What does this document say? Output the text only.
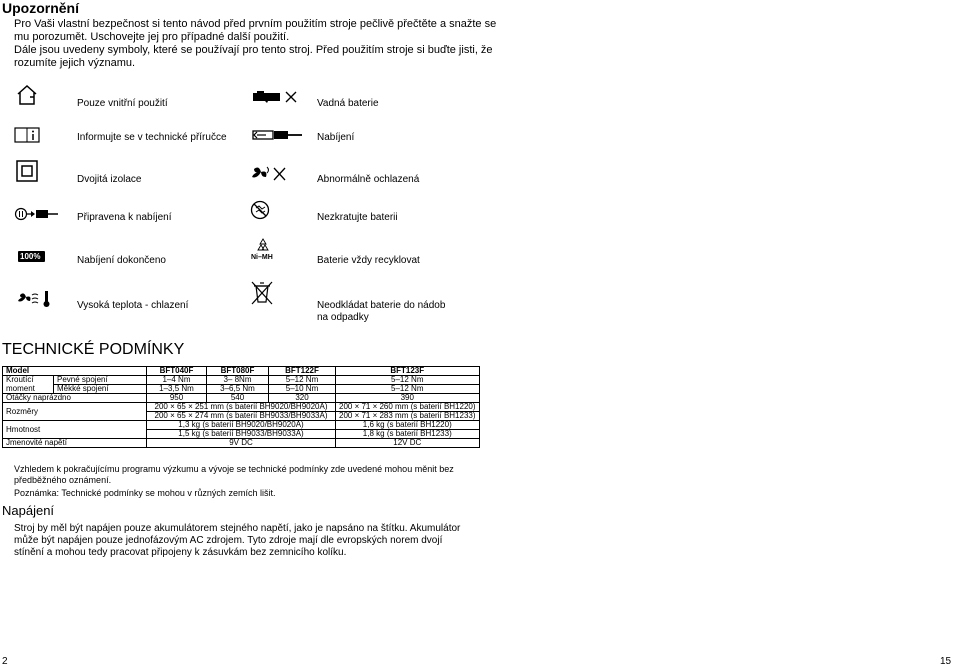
Upozornění
Pro Vaši vlastní bezpečnost si tento návod před prvním použitím stroje pečlivě přečtěte a snažte se
mu porozumět. Uschovejte jej pro případné další použití.
Dále jsou uvedeny symboly, které se používají pro tento stroj. Před použitím stroje si buďte jisti, že
rozumíte jejich významu.
Pouze vnitřní použití
Informujte se v technické příručce
Dvojitá izolace
Připravena k nabíjení
100%	Nabíjení dokončeno
Vysoká teplota - chlazení
Vadná baterie
Nabíjení
Abnormálně ochlazená
Nezkratujte baterii
Ni–MH	Baterie vždy recyklovat
Neodkládat baterie do nádob
na odpadky
TECHNICKÉ PODMÍNKY
Model		BFT040F	BFT080F	BFT122F	BFT123F
Kroutící	Pevné spojení	1–4 Nm	3– 8Nm	5–12 Nm	5–12 Nm
moment	Měkké spojení	1–3,5 Nm	3–6,5 Nm	5–10 Nm	5–12 Nm
Otáčky naprázdno		950	540	320	390
Rozměry		200 × 65 × 251 mm (s baterií BH9020/BH9020A)			200 × 71 × 260 mm (s baterií BH1220)
		200 × 65 × 274 mm (s baterií BH9033/BH9033A)			200 × 71 × 283 mm (s baterií BH1233)
Hmotnost		1,3 kg (s baterií BH9020/BH9020A)			1,6 kg (s baterií BH1220)
		1,5 kg (s baterií BH9033/BH9033A)			1,8 kg (s baterií BH1233)
Jmenovité napětí		9V DC			12V DC
Vzhledem k pokračujícímu programu výzkumu a vývoje se technické podmínky zde uvedené mohou měnit bez
předběžného oznámení.
Poznámka: Technické podmínky se mohou v různých zemích lišit.
Napájení
Stroj by měl být napájen pouze akumulátorem stejného napětí, jako je napsáno na štítku. Akumulátor
může být napájen pouze jednofázovým AC zdrojem. Tyto zdroje mají dle evropských norem dvojí
stínění a mohou tedy pracovat připojeny k zásuvkám bez zemnicího kolíku.
2	15
